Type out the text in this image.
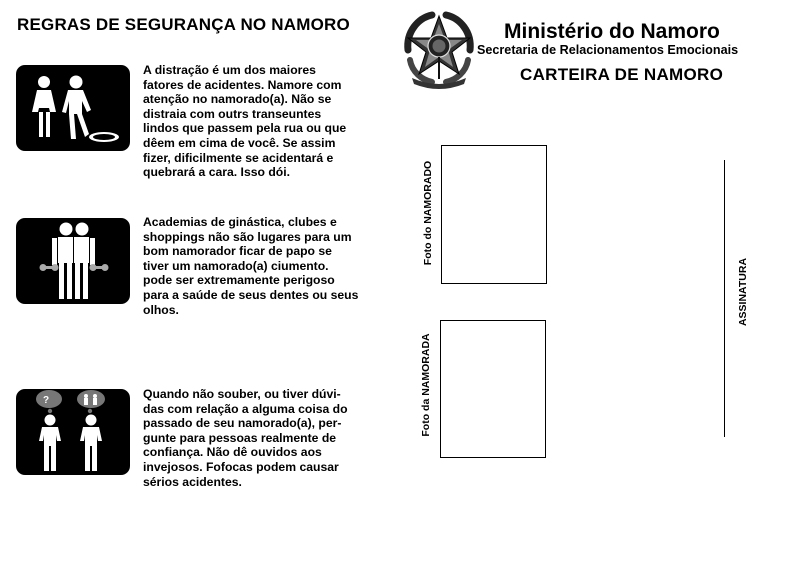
REGRAS DE SEGURANÇA NO NAMORO
A distração é um dos maiores
fatores de acidentes. Namore com
atenção no namorado(a). Não se
distraia com outrs transeuntes
lindos que passem pela rua ou que
dêem em cima de você. Se assim
fizer, dificilmente se acidentará e
quebrará a cara. Isso dói.
Academias de ginástica, clubes e
shoppings não são lugares para um
bom namorador ficar de papo se
tiver um namorado(a) ciumento.
pode ser extremamente perigoso
para a saúde de seus dentes ou seus
olhos.
?	Quando não souber, ou tiver dúvi-
das com relação a alguma coisa do
passado de seu namorado(a), per-
gunte para pessoas realmente de
confiança. Não dê ouvidos aos
invejosos. Fofocas podem causar
sérios acidentes.
Ministério do Namoro
Secretaria de Relacionamentos Emocionais
CARTEIRA DE NAMORO
Foto do NAMORADO
Foto da NAMORADA
ASSINATURA
